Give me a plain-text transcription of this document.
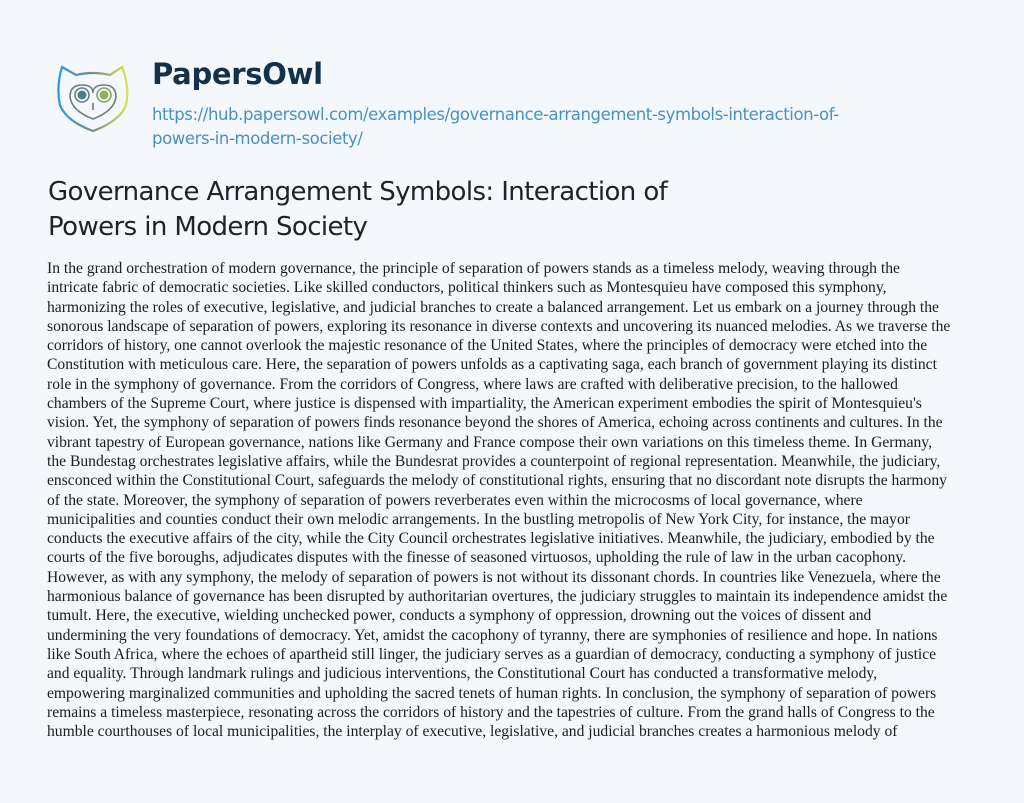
PapersOwl
https://hub.papersowl.com/examples/governance-arrangement-symbols-interaction-of-
powers-in-modern-society/
Governance Arrangement Symbols: Interaction of
Powers in Modern Society

In the grand orchestration of modern governance, the principle of separation of powers stands as a timeless melody, weaving through the
intricate fabric of democratic societies. Like skilled conductors, political thinkers such as Montesquieu have composed this symphony,
harmonizing the roles of executive, legislative, and judicial branches to create a balanced arrangement. Let us embark on a journey through the
sonorous landscape of separation of powers, exploring its resonance in diverse contexts and uncovering its nuanced melodies. As we traverse the
corridors of history, one cannot overlook the majestic resonance of the United States, where the principles of democracy were etched into the
Constitution with meticulous care. Here, the separation of powers unfolds as a captivating saga, each branch of government playing its distinct
role in the symphony of governance. From the corridors of Congress, where laws are crafted with deliberative precision, to the hallowed
chambers of the Supreme Court, where justice is dispensed with impartiality, the American experiment embodies the spirit of Montesquieu's
vision. Yet, the symphony of separation of powers finds resonance beyond the shores of America, echoing across continents and cultures. In the
vibrant tapestry of European governance, nations like Germany and France compose their own variations on this timeless theme. In Germany,
the Bundestag orchestrates legislative affairs, while the Bundesrat provides a counterpoint of regional representation. Meanwhile, the judiciary,
ensconced within the Constitutional Court, safeguards the melody of constitutional rights, ensuring that no discordant note disrupts the harmony
of the state. Moreover, the symphony of separation of powers reverberates even within the microcosms of local governance, where
municipalities and counties conduct their own melodic arrangements. In the bustling metropolis of New York City, for instance, the mayor
conducts the executive affairs of the city, while the City Council orchestrates legislative initiatives. Meanwhile, the judiciary, embodied by the
courts of the five boroughs, adjudicates disputes with the finesse of seasoned virtuosos, upholding the rule of law in the urban cacophony.
However, as with any symphony, the melody of separation of powers is not without its dissonant chords. In countries like Venezuela, where the
harmonious balance of governance has been disrupted by authoritarian overtures, the judiciary struggles to maintain its independence amidst the
tumult. Here, the executive, wielding unchecked power, conducts a symphony of oppression, drowning out the voices of dissent and
undermining the very foundations of democracy. Yet, amidst the cacophony of tyranny, there are symphonies of resilience and hope. In nations
like South Africa, where the echoes of apartheid still linger, the judiciary serves as a guardian of democracy, conducting a symphony of justice
and equality. Through landmark rulings and judicious interventions, the Constitutional Court has conducted a transformative melody,
empowering marginalized communities and upholding the sacred tenets of human rights. In conclusion, the symphony of separation of powers
remains a timeless masterpiece, resonating across the corridors of history and the tapestries of culture. From the grand halls of Congress to the
humble courthouses of local municipalities, the interplay of executive, legislative, and judicial branches creates a harmonious melody of
